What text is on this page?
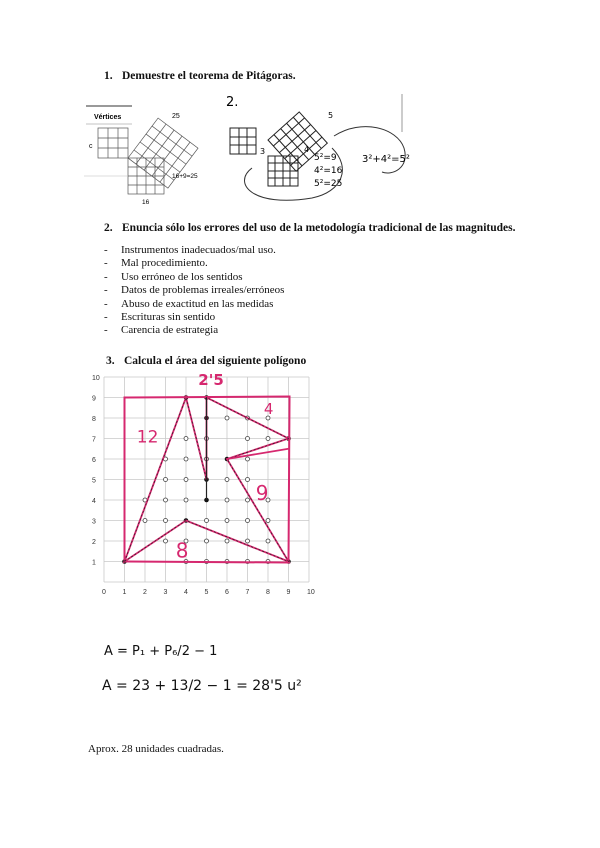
1. Demuestre el teorema de Pitágoras.
Vértices
c
25
16+9=25
16
2.
5
4
3
5²=9
4²=16
5²=25
3²+4²=5²
2. Enuncia sólo los errores del uso de la metodología tradicional de las magnitudes.
- Instrumentos inadecuados/mal uso.
- Mal procedimiento.
- Uso erróneo de los sentidos
- Datos de problemas irreales/erróneos
- Abuso de exactitud en las medidas
- Escrituras sin sentido
- Carencia de estrategia
3. Calcula el área del siguiente polígono
0 1 2 3 4 5 6 7 8 9 10
1
2
3
4
5
6
7
8
9
10	2'5
12
4
9
8
A = P₁ + P₆/2 − 1
A = 23 + 13/2 − 1 = 28'5 u²
Aprox. 28 unidades cuadradas.
